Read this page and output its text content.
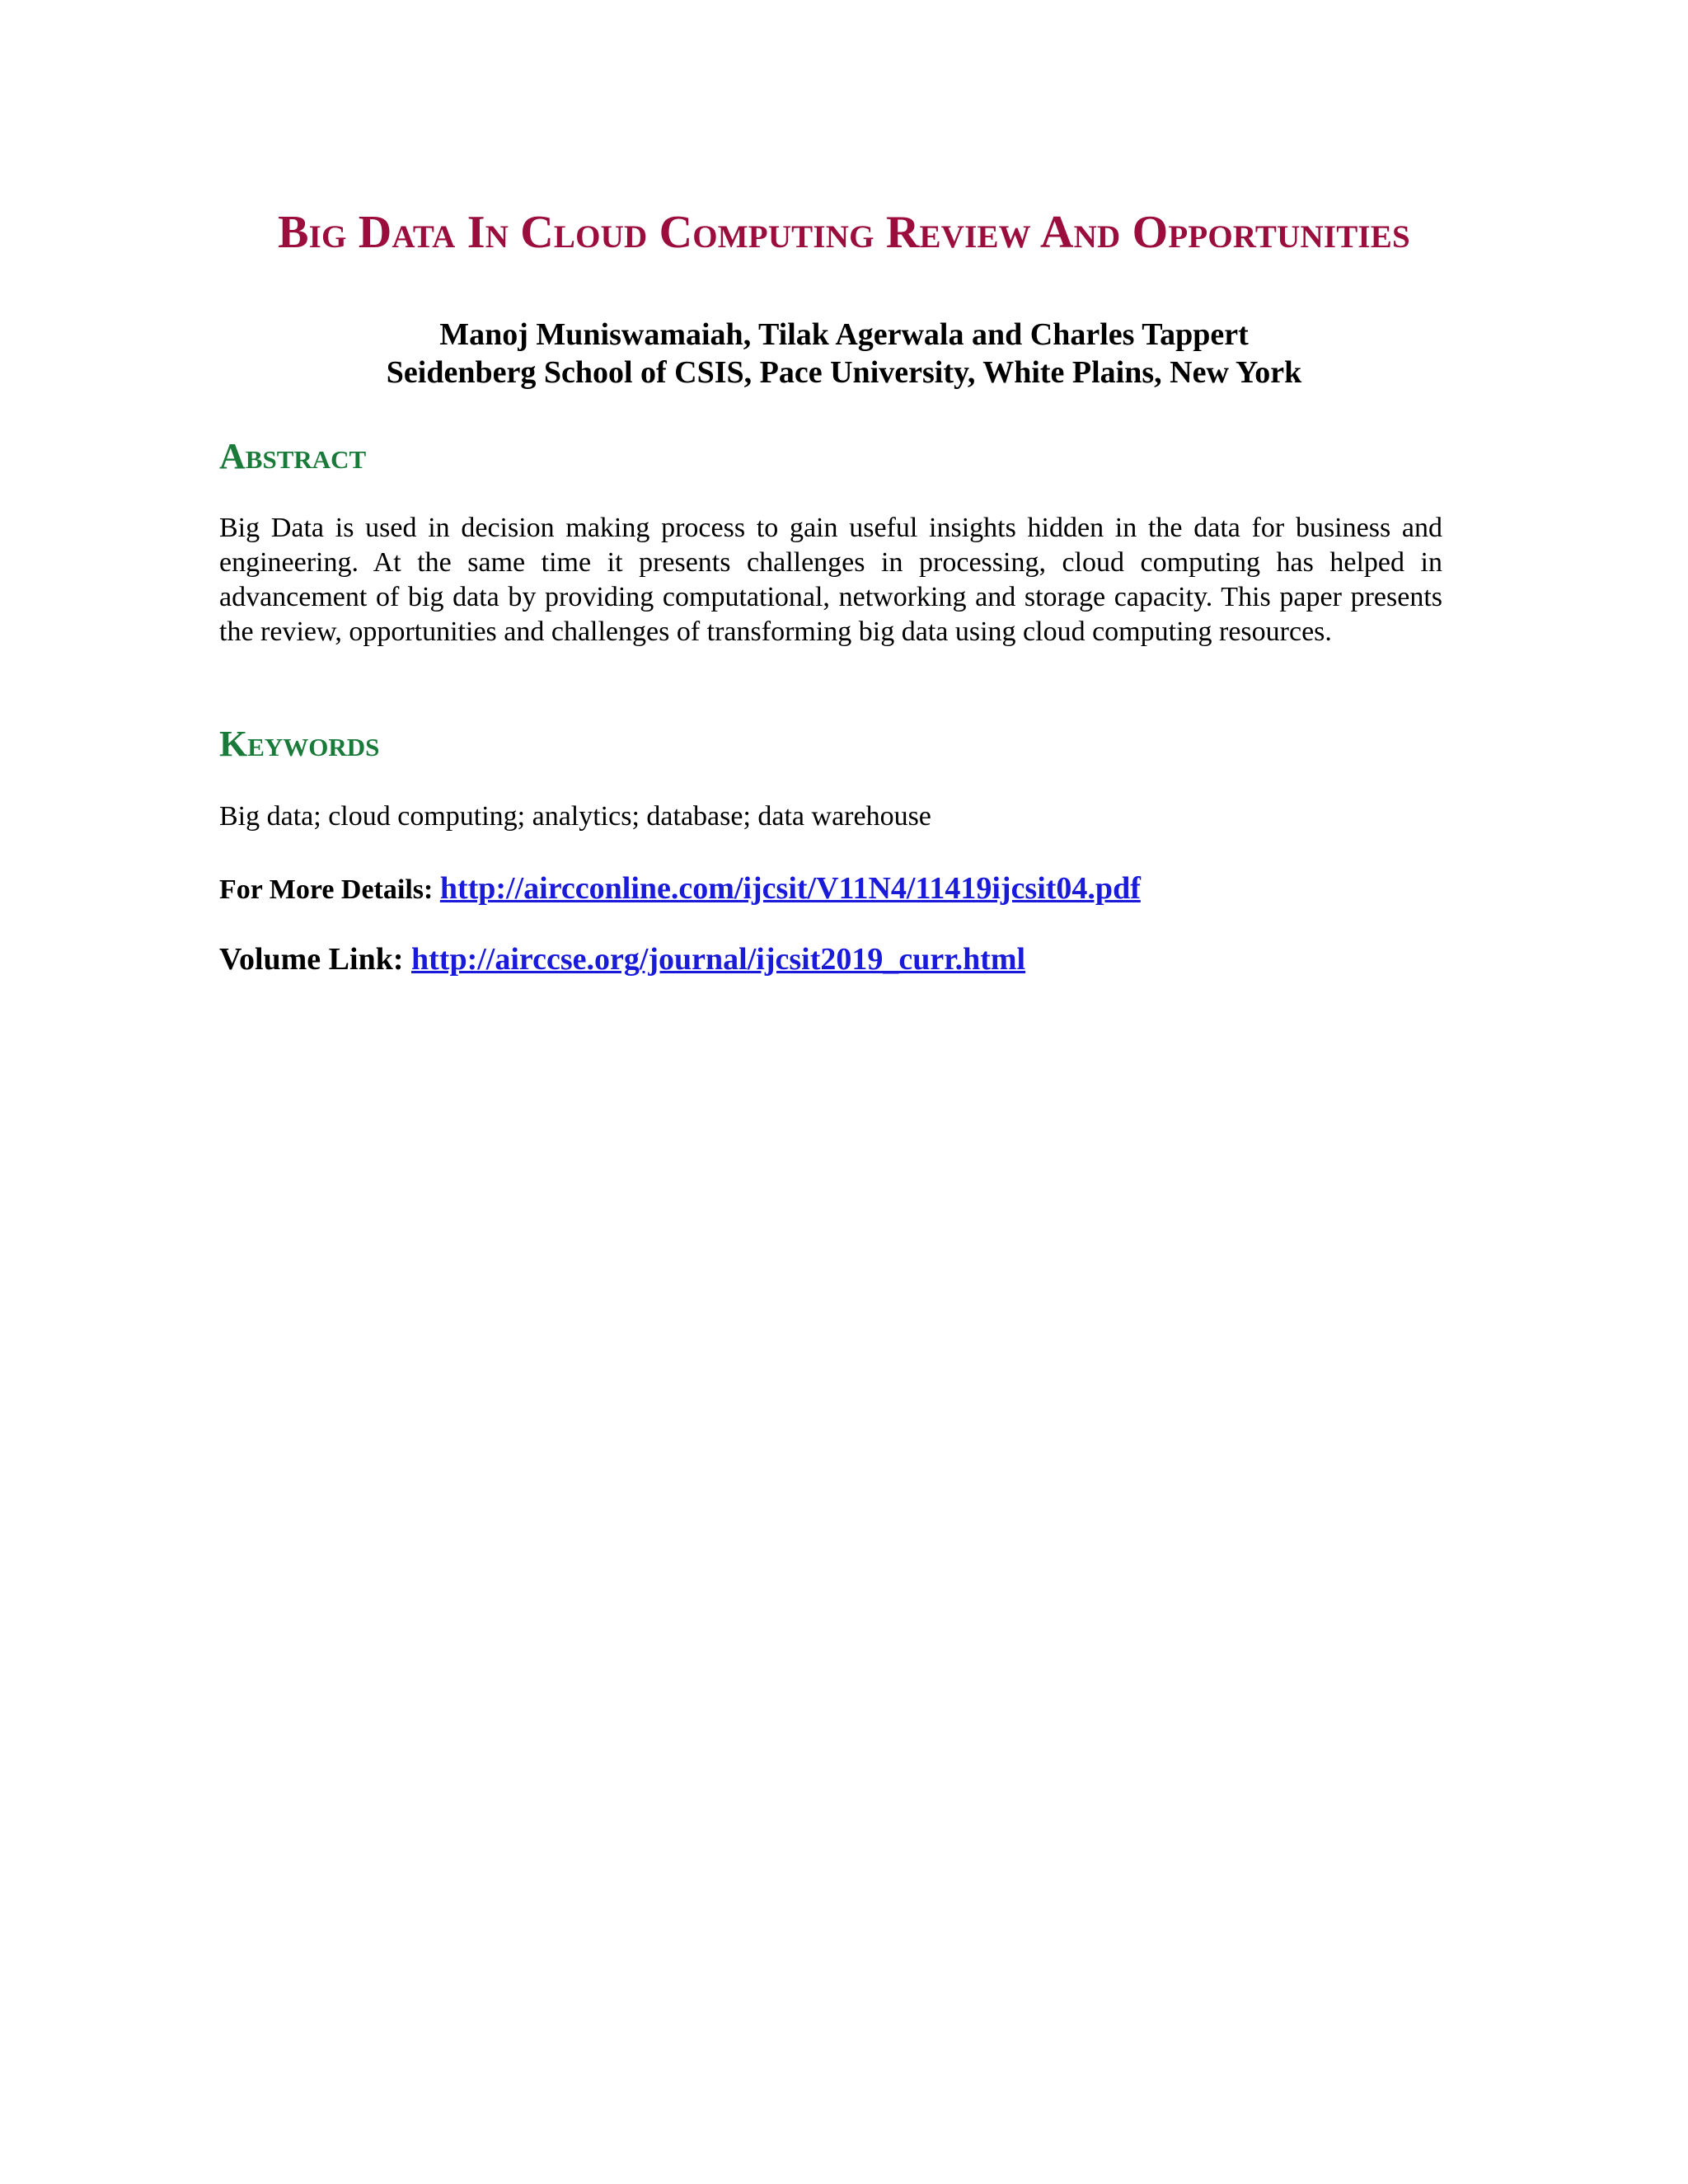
Big Data In Cloud Computing Review And Opportunities
Manoj Muniswamaiah, Tilak Agerwala and Charles Tappert
Seidenberg School of CSIS, Pace University, White Plains, New York
Abstract
Big Data is used in decision making process to gain useful insights hidden in the data for business and engineering. At the same time it presents challenges in processing, cloud computing has helped in advancement of big data by providing computational, networking and storage capacity. This paper presents the review, opportunities and challenges of transforming big data using cloud computing resources.
Keywords
Big data; cloud computing; analytics; database; data warehouse
For More Details: http://aircconline.com/ijcsit/V11N4/11419ijcsit04.pdf
Volume Link: http://airccse.org/journal/ijcsit2019_curr.html
